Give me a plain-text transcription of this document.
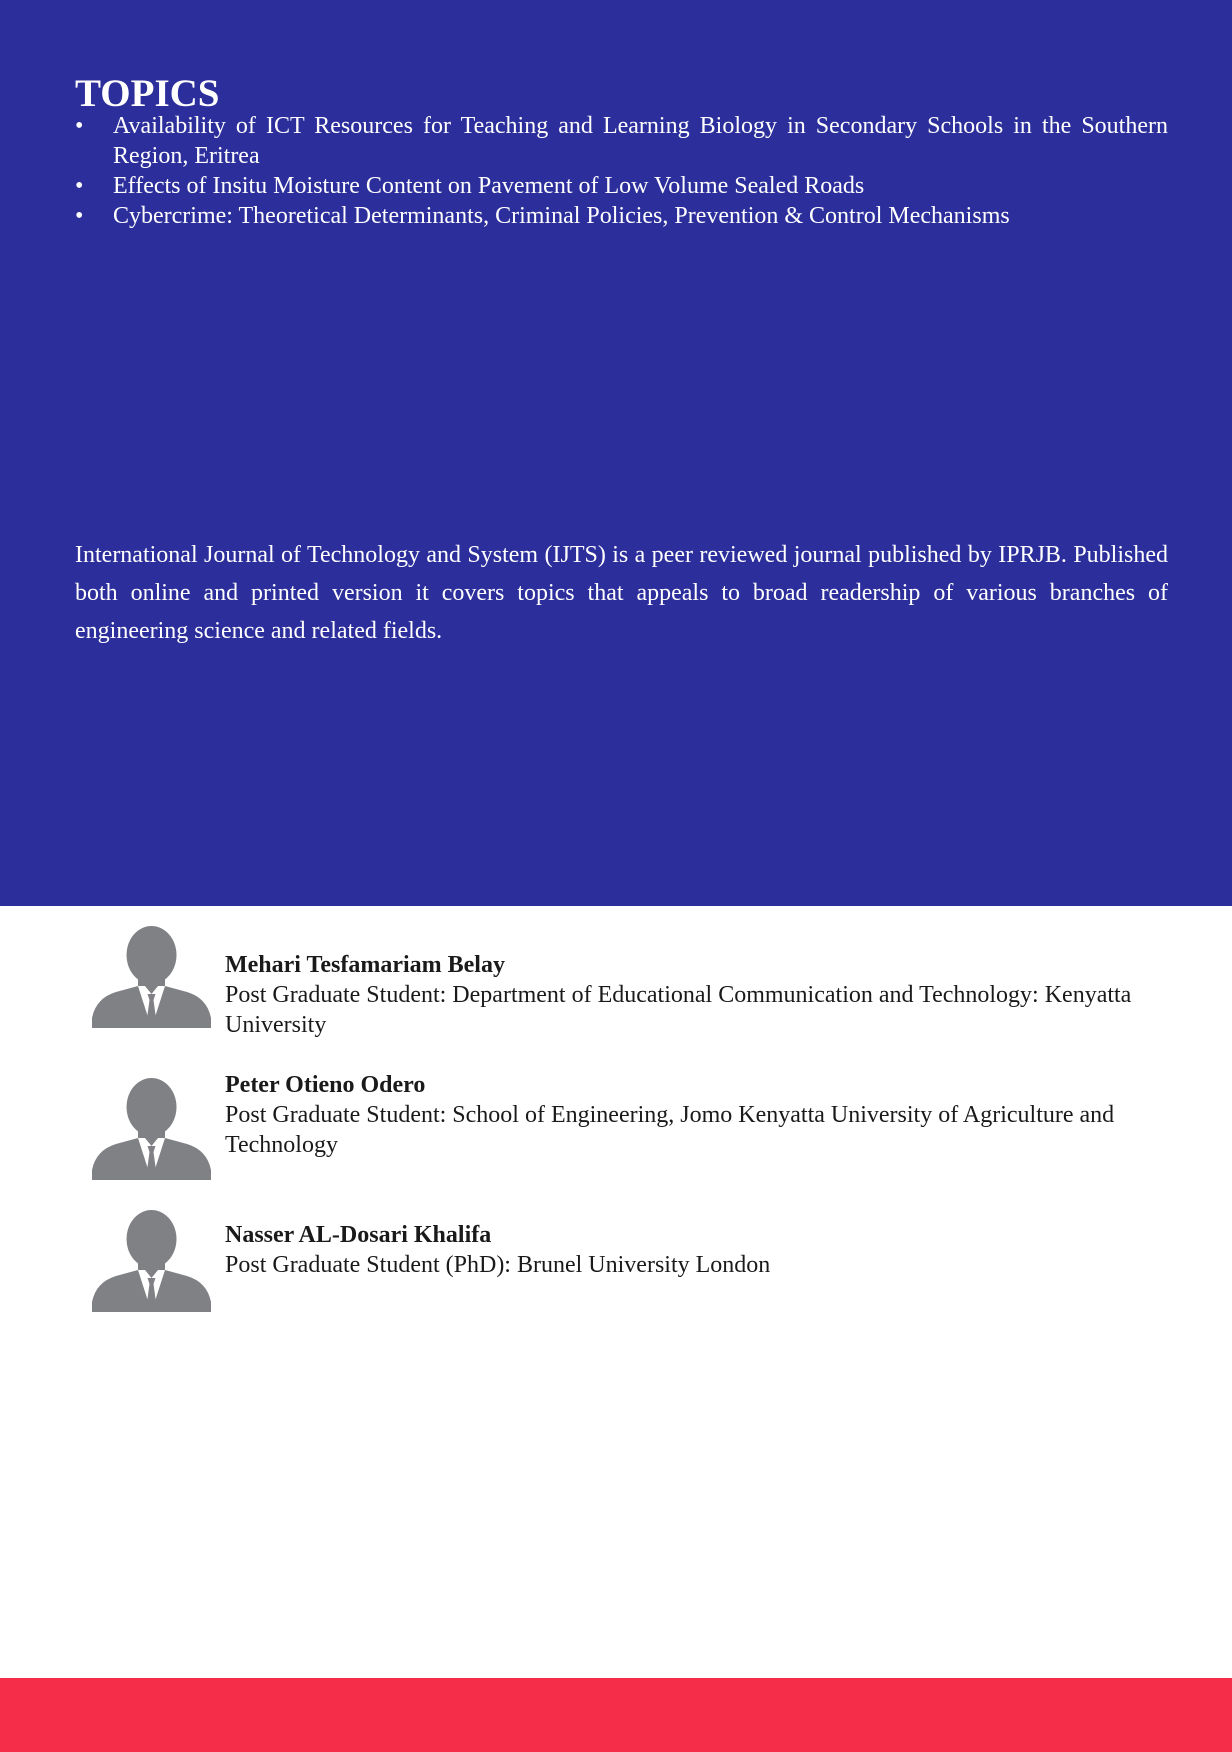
TOPICS
• Availability of ICT Resources for Teaching and Learning Biology in Secondary Schools in the Southern Region, Eritrea
• Effects of Insitu Moisture Content on Pavement of Low Volume Sealed Roads
• Cybercrime: Theoretical Determinants, Criminal Policies, Prevention & Control Mechanisms

International Journal of Technology and System (IJTS) is a peer reviewed journal published by IPRJB. Published both online and printed version it covers topics that appeals to broad readership of various branches of engineering science and related fields.

Mehari Tesfamariam Belay

Post Graduate Student: Department of Educational Communication and Technology: Kenyatta University

Peter Otieno Odero

Post Graduate Student: School of Engineering, Jomo Kenyatta University of Agriculture and Technology

Nasser AL-Dosari Khalifa

Post Graduate Student (PhD): Brunel University London
